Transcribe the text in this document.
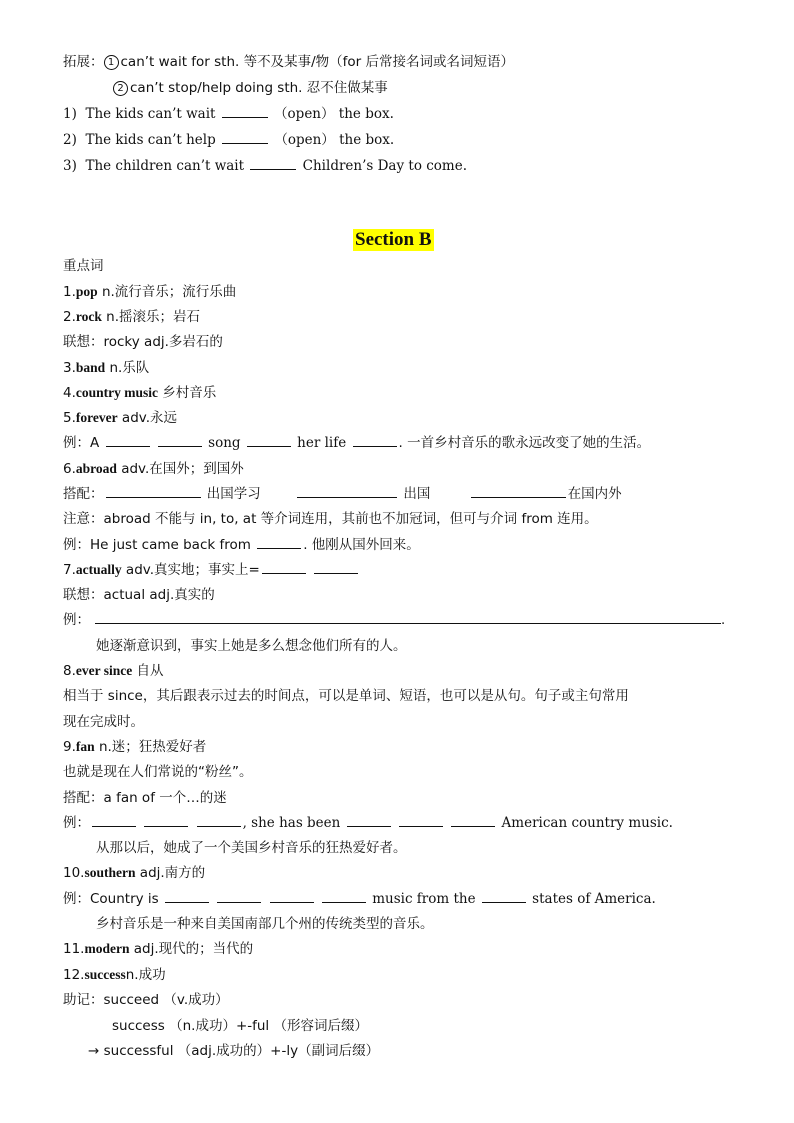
拓展： 1 can’t wait for sth. 等不及某事/物（for 后常接名词或名词短语）
2 can’t stop/help doing sth. 忍不住做某事
1) The kids can’t wait	（open） the box.
2) The kids can’t help	（open） the box.
3) The children can’t wait	Children’s Day to come.
Section B
重点词
1.pop n.流行音乐；流行乐曲
2.rock n.摇滚乐；岩石
联想：rocky adj.多岩石的
3.band n.乐队
4.country music 乡村音乐
5.forever adv.永远
例：A	song	her life	. 一首乡村音乐的歌永远改变了她的生活。
6.abroad adv.在国外；到国外
搭配：	出国学习	出国	在国内外
注意：abroad 不能与 in, to, at 等介词连用，其前也不加冠词，但可与介词 from 连用。
例：He just came back from	. 他刚从国外回来。
7.actually adv.真实地；事实上=
联想：actual adj.真实的
例：	.
她逐渐意识到，事实上她是多么想念他们所有的人。
8.ever since 自从
相当于 since，其后跟表示过去的时间点，可以是单词、短语，也可以是从句。句子或主句常用
现在完成时。
9.fan n.迷；狂热爱好者
也就是现在人们常说的“粉丝”。
搭配：a fan of 一个…的迷
例：	, she has been	American country music.
从那以后，她成了一个美国乡村音乐的狂热爱好者。
10.southern adj.南方的
例：Country is	music from the	states of America.
乡村音乐是一种来自美国南部几个州的传统类型的音乐。
11.modern adj.现代的；当代的
12.successn.成功
助记：succeed （v.成功）
success （n.成功）+-ful （形容词后缀）
→ successful （adj.成功的）+-ly（副词后缀）
